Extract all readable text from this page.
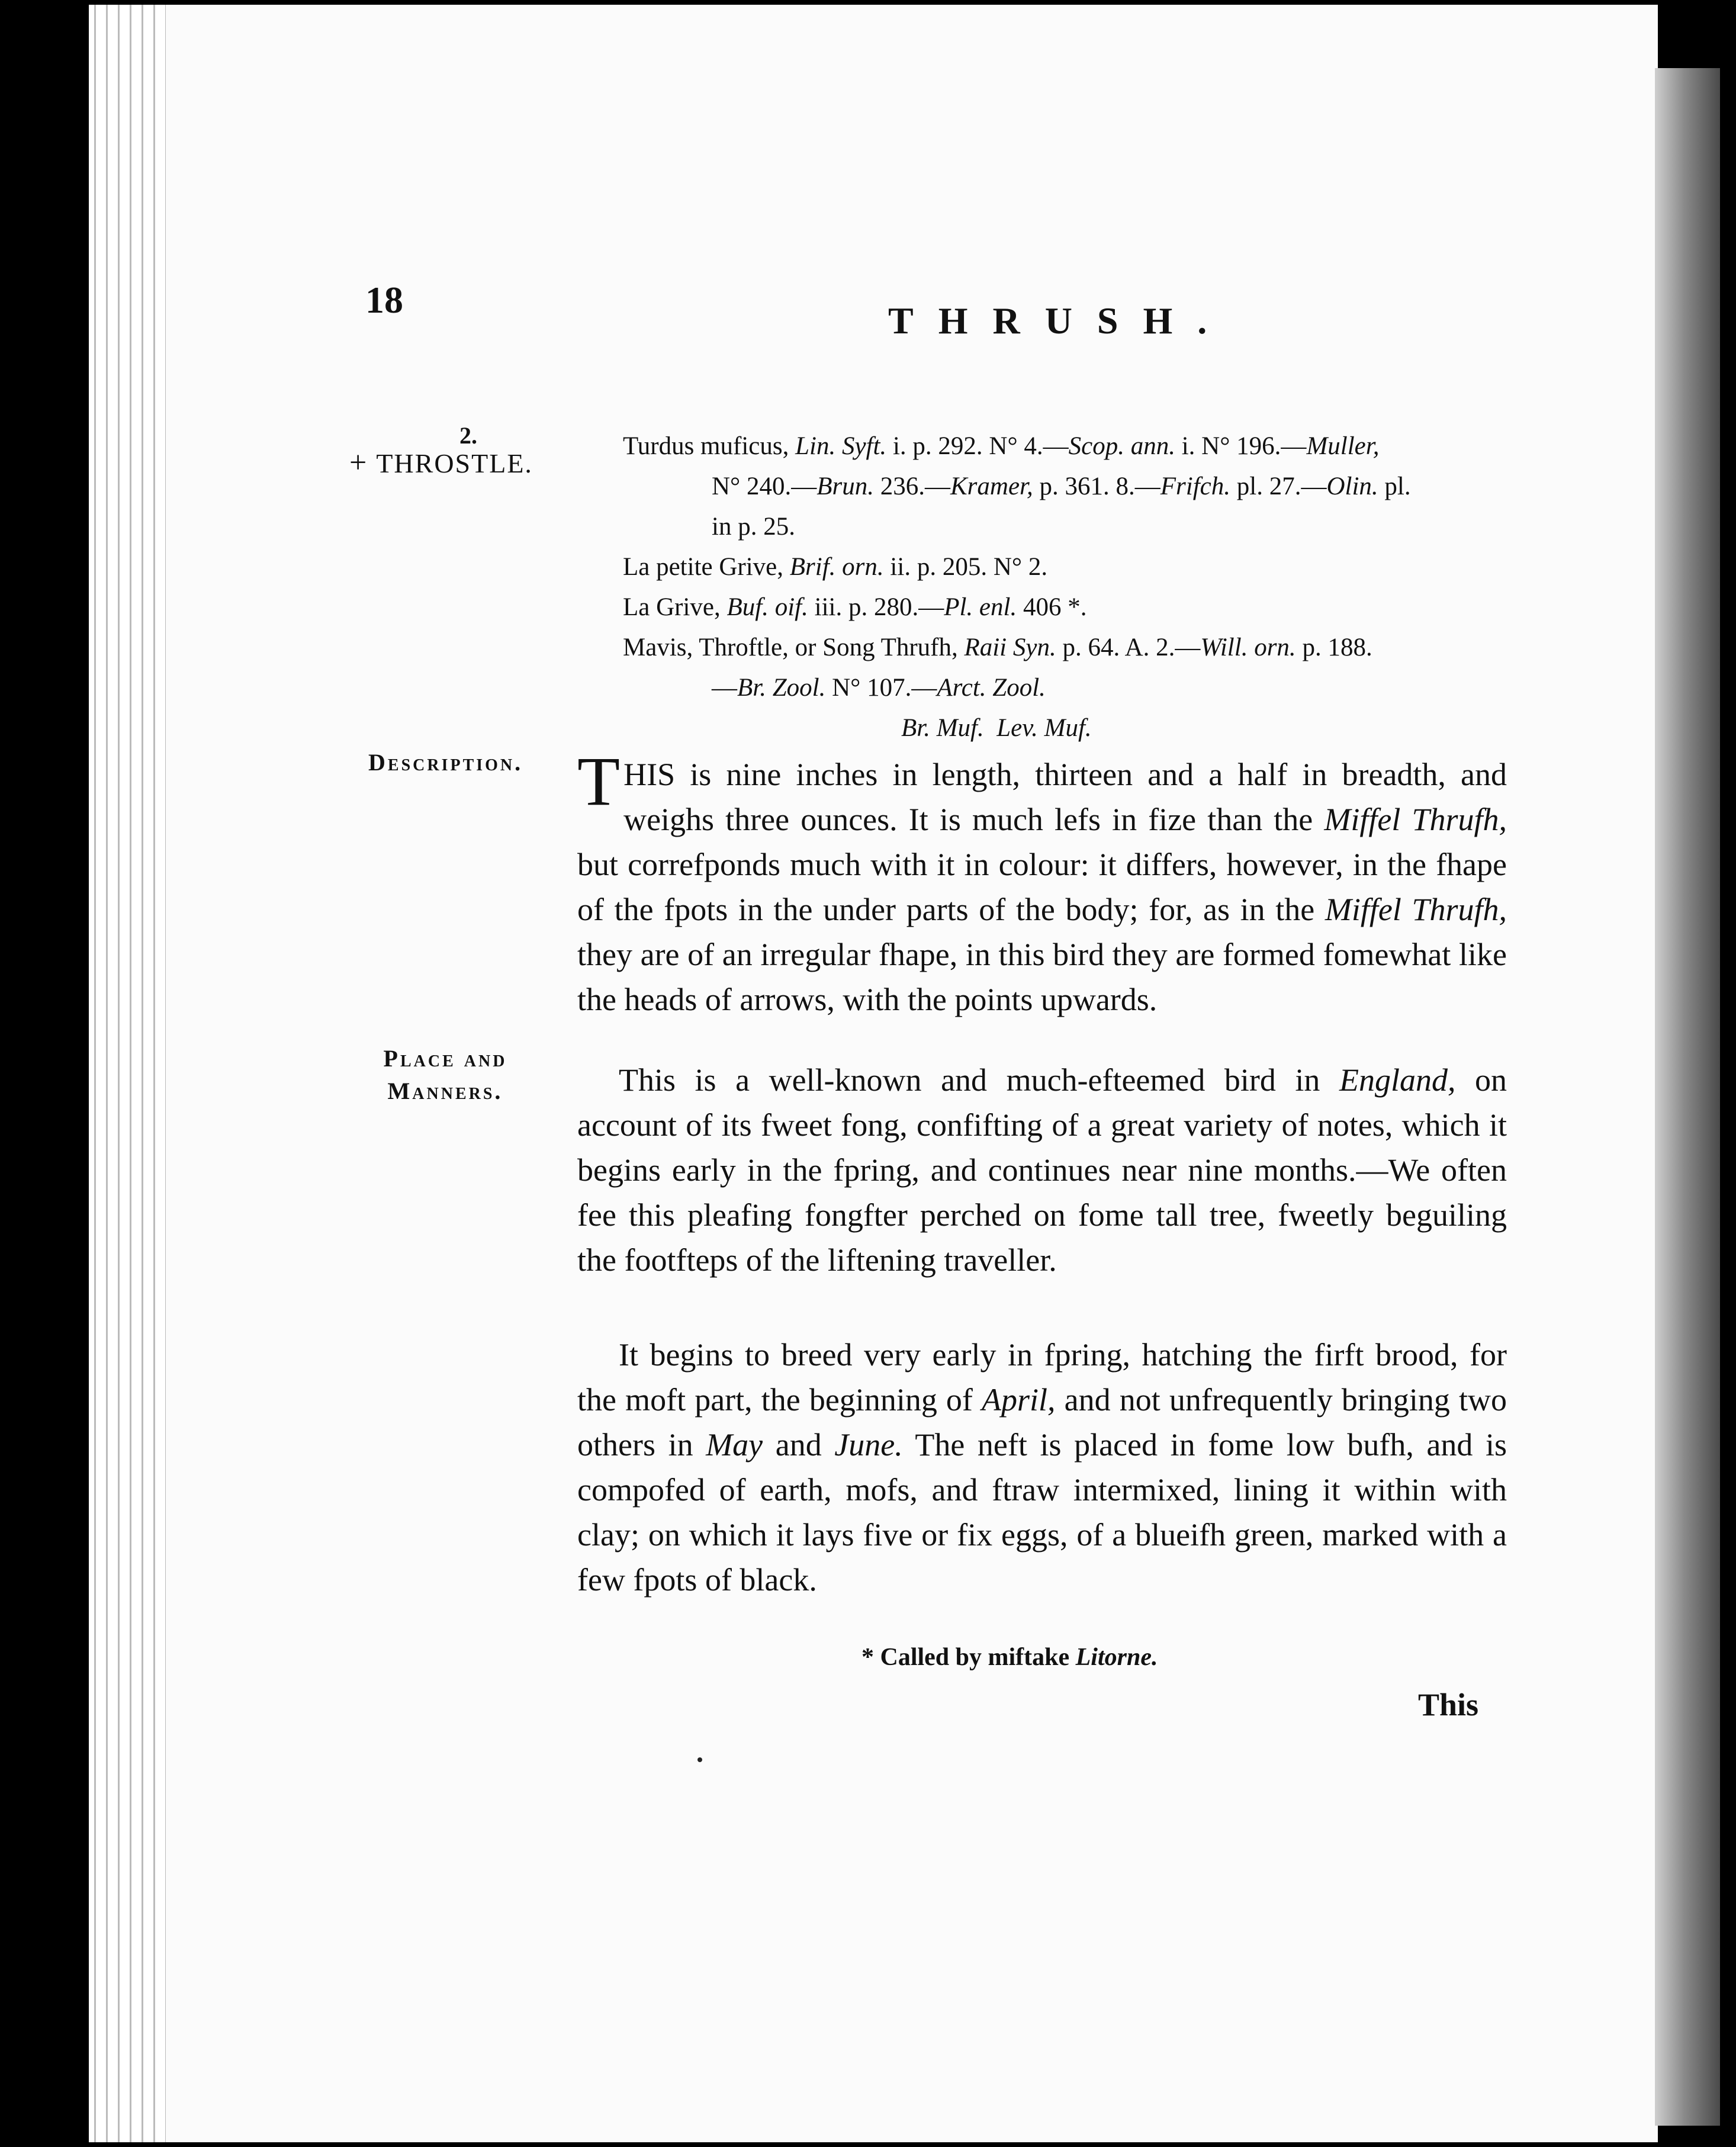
18	THRUSH.
2.
+ THROSTLE.
Turdus muficus, Lin. Syft. i. p. 292. N° 4.—Scop. ann. i. N° 196.—Muller,
N° 240.—Brun. 236.—Kramer, p. 361. 8.—Frifch. pl. 27.—Olin. pl.
in p. 25.
La petite Grive, Brif. orn. ii. p. 205. N° 2.
La Grive, Buf. oif. iii. p. 280.—Pl. enl. 406 *.
Mavis, Throftle, or Song Thrufh, Raii Syn. p. 64. A. 2.—Will. orn. p. 188.
—Br. Zool. N° 107.—Arct. Zool.
Br. Muf. Lev. Muf.
Description.
Place and
Manners.
THIS is nine inches in length, thirteen and a half in breadth, and weighs three ounces. It is much lefs in fize than the Miffel Thrufh, but correfponds much with it in colour: it differs, however, in the fhape of the fpots in the under parts of the body; for, as in the Miffel Thrufh, they are of an irregular fhape, in this bird they are formed fomewhat like the heads of arrows, with the points upwards.
This is a well-known and much-efteemed bird in England, on account of its fweet fong, confifting of a great variety of notes, which it begins early in the fpring, and continues near nine months.—We often fee this pleafing fongfter perched on fome tall tree, fweetly beguiling the footfteps of the liftening traveller.
It begins to breed very early in fpring, hatching the firft brood, for the moft part, the beginning of April, and not unfrequently bringing two others in May and June. The neft is placed in fome low bufh, and is compofed of earth, mofs, and ftraw intermixed, lining it within with clay; on which it lays five or fix eggs, of a blueifh green, marked with a few fpots of black.
* Called by miftake Litorne.
This
